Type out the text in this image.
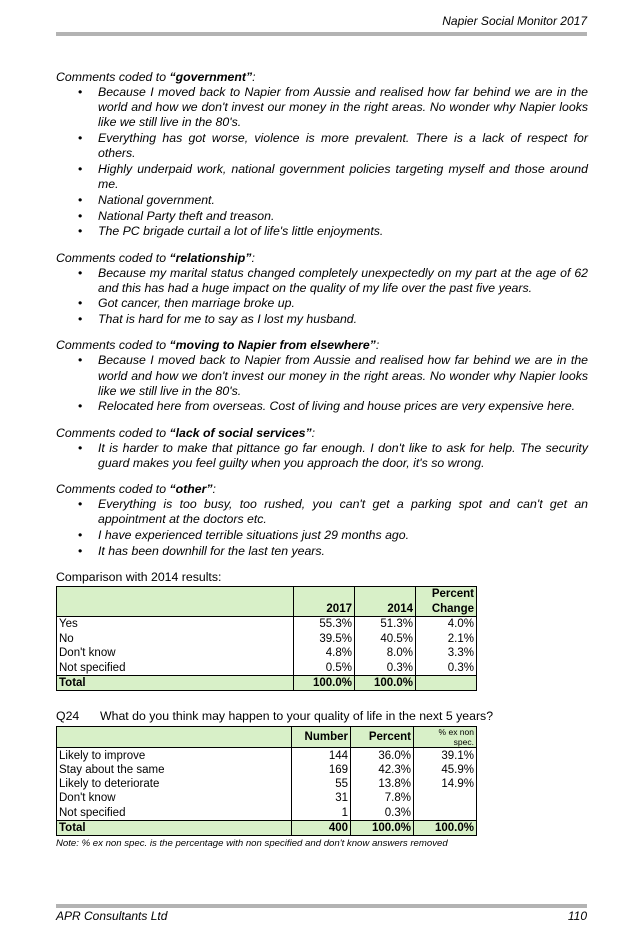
Napier Social Monitor 2017
Comments coded to “government”:
• Because I moved back to Napier from Aussie and realised how far behind we are in the world and how we don't invest our money in the right areas. No wonder why Napier looks like we still live in the 80's.
• Everything has got worse, violence is more prevalent. There is a lack of respect for others.
• Highly underpaid work, national government policies targeting myself and those around me.
• National government.
• National Party theft and treason.
• The PC brigade curtail a lot of life's little enjoyments.
Comments coded to “relationship”:
• Because my marital status changed completely unexpectedly on my part at the age of 62 and this has had a huge impact on the quality of my life over the past five years.
• Got cancer, then marriage broke up.
• That is hard for me to say as I lost my husband.
Comments coded to “moving to Napier from elsewhere”:
• Because I moved back to Napier from Aussie and realised how far behind we are in the world and how we don't invest our money in the right areas. No wonder why Napier looks like we still live in the 80's.
• Relocated here from overseas. Cost of living and house prices are very expensive here.
Comments coded to “lack of social services”:
• It is harder to make that pittance go far enough. I don't like to ask for help. The security guard makes you feel guilty when you approach the door, it's so wrong.
Comments coded to “other”:
• Everything is too busy, too rushed, you can't get a parking spot and can't get an appointment at the doctors etc.
• I have experienced terrible situations just 29 months ago.
• It has been downhill for the last ten years.
Comparison with 2014 results:
			Percent
	2017	2014	Change
Yes	55.3%	51.3%	4.0%
No	39.5%	40.5%	2.1%
Don't know	4.8%	8.0%	3.3%
Not specified	0.5%	0.3%	0.3%
Total	100.0%	100.0%	
Q24 What do you think may happen to your quality of life in the next 5 years?
	Number	Percent	% ex non spec.
Likely to improve	144	36.0%	39.1%
Stay about the same	169	42.3%	45.9%
Likely to deteriorate	55	13.8%	14.9%
Don't know	31	7.8%	
Not specified	1	0.3%	
Total	400	100.0%	100.0%
Note: % ex non spec. is the percentage with non specified and don't know answers removed
APR Consultants Ltd	110
